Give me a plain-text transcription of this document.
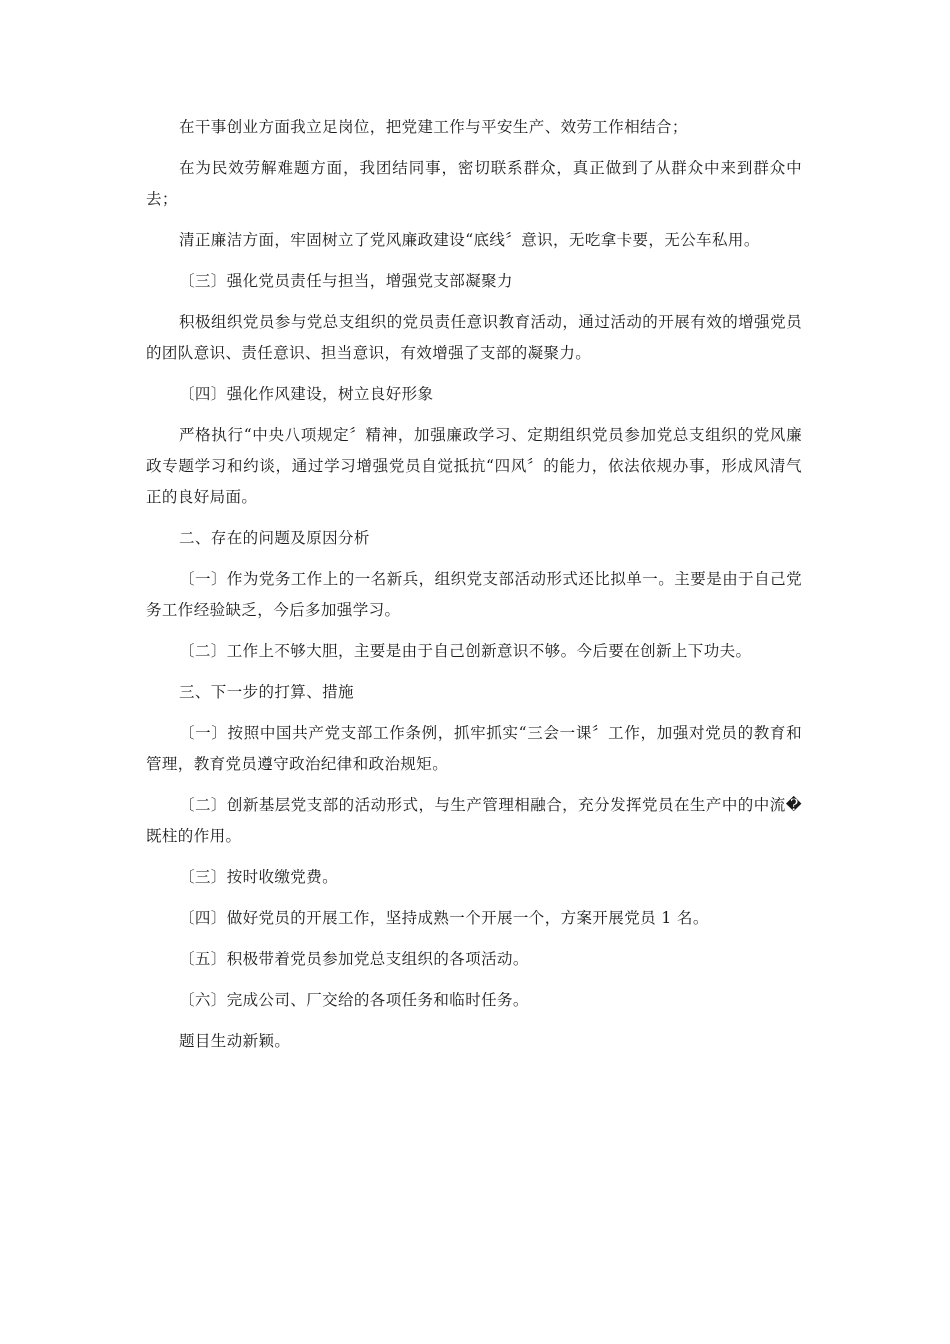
在干事创业方面我立足岗位，把党建工作与平安生产、效劳工作相结合；

在为民效劳解难题方面，我团结同事，密切联系群众，真正做到了从群众中来到群众中去；

清正廉洁方面，牢固树立了党风廉政建设“底线〞意识，无吃拿卡要，无公车私用。

〔三〕强化党员责任与担当，增强党支部凝聚力

积极组织党员参与党总支组织的党员责任意识教育活动，通过活动的开展有效的增强党员的团队意识、责任意识、担当意识，有效增强了支部的凝聚力。

〔四〕强化作风建设，树立良好形象

严格执行“中央八项规定〞精神，加强廉政学习、定期组织党员参加党总支组织的党风廉政专题学习和约谈，通过学习增强党员自觉抵抗“四风〞的能力，依法依规办事，形成风清气正的良好局面。

二、存在的问题及原因分析

〔一〕作为党务工作上的一名新兵，组织党支部活动形式还比拟单一。主要是由于自己党务工作经验缺乏，今后多加强学习。

〔二〕工作上不够大胆，主要是由于自己创新意识不够。今后要在创新上下功夫。

三、下一步的打算、措施

〔一〕按照中国共产党支部工作条例，抓牢抓实“三会一课〞工作，加强对党员的教育和管理，教育党员遵守政治纪律和政治规矩。

〔二〕创新基层党支部的活动形式，与生产管理相融合，充分发挥党员在生产中的中流�既柱的作用。

〔三〕按时收缴党费。

〔四〕做好党员的开展工作，坚持成熟一个开展一个，方案开展党员 1 名。

〔五〕积极带着党员参加党总支组织的各项活动。

〔六〕完成公司、厂交给的各项任务和临时任务。

题目生动新颖。
